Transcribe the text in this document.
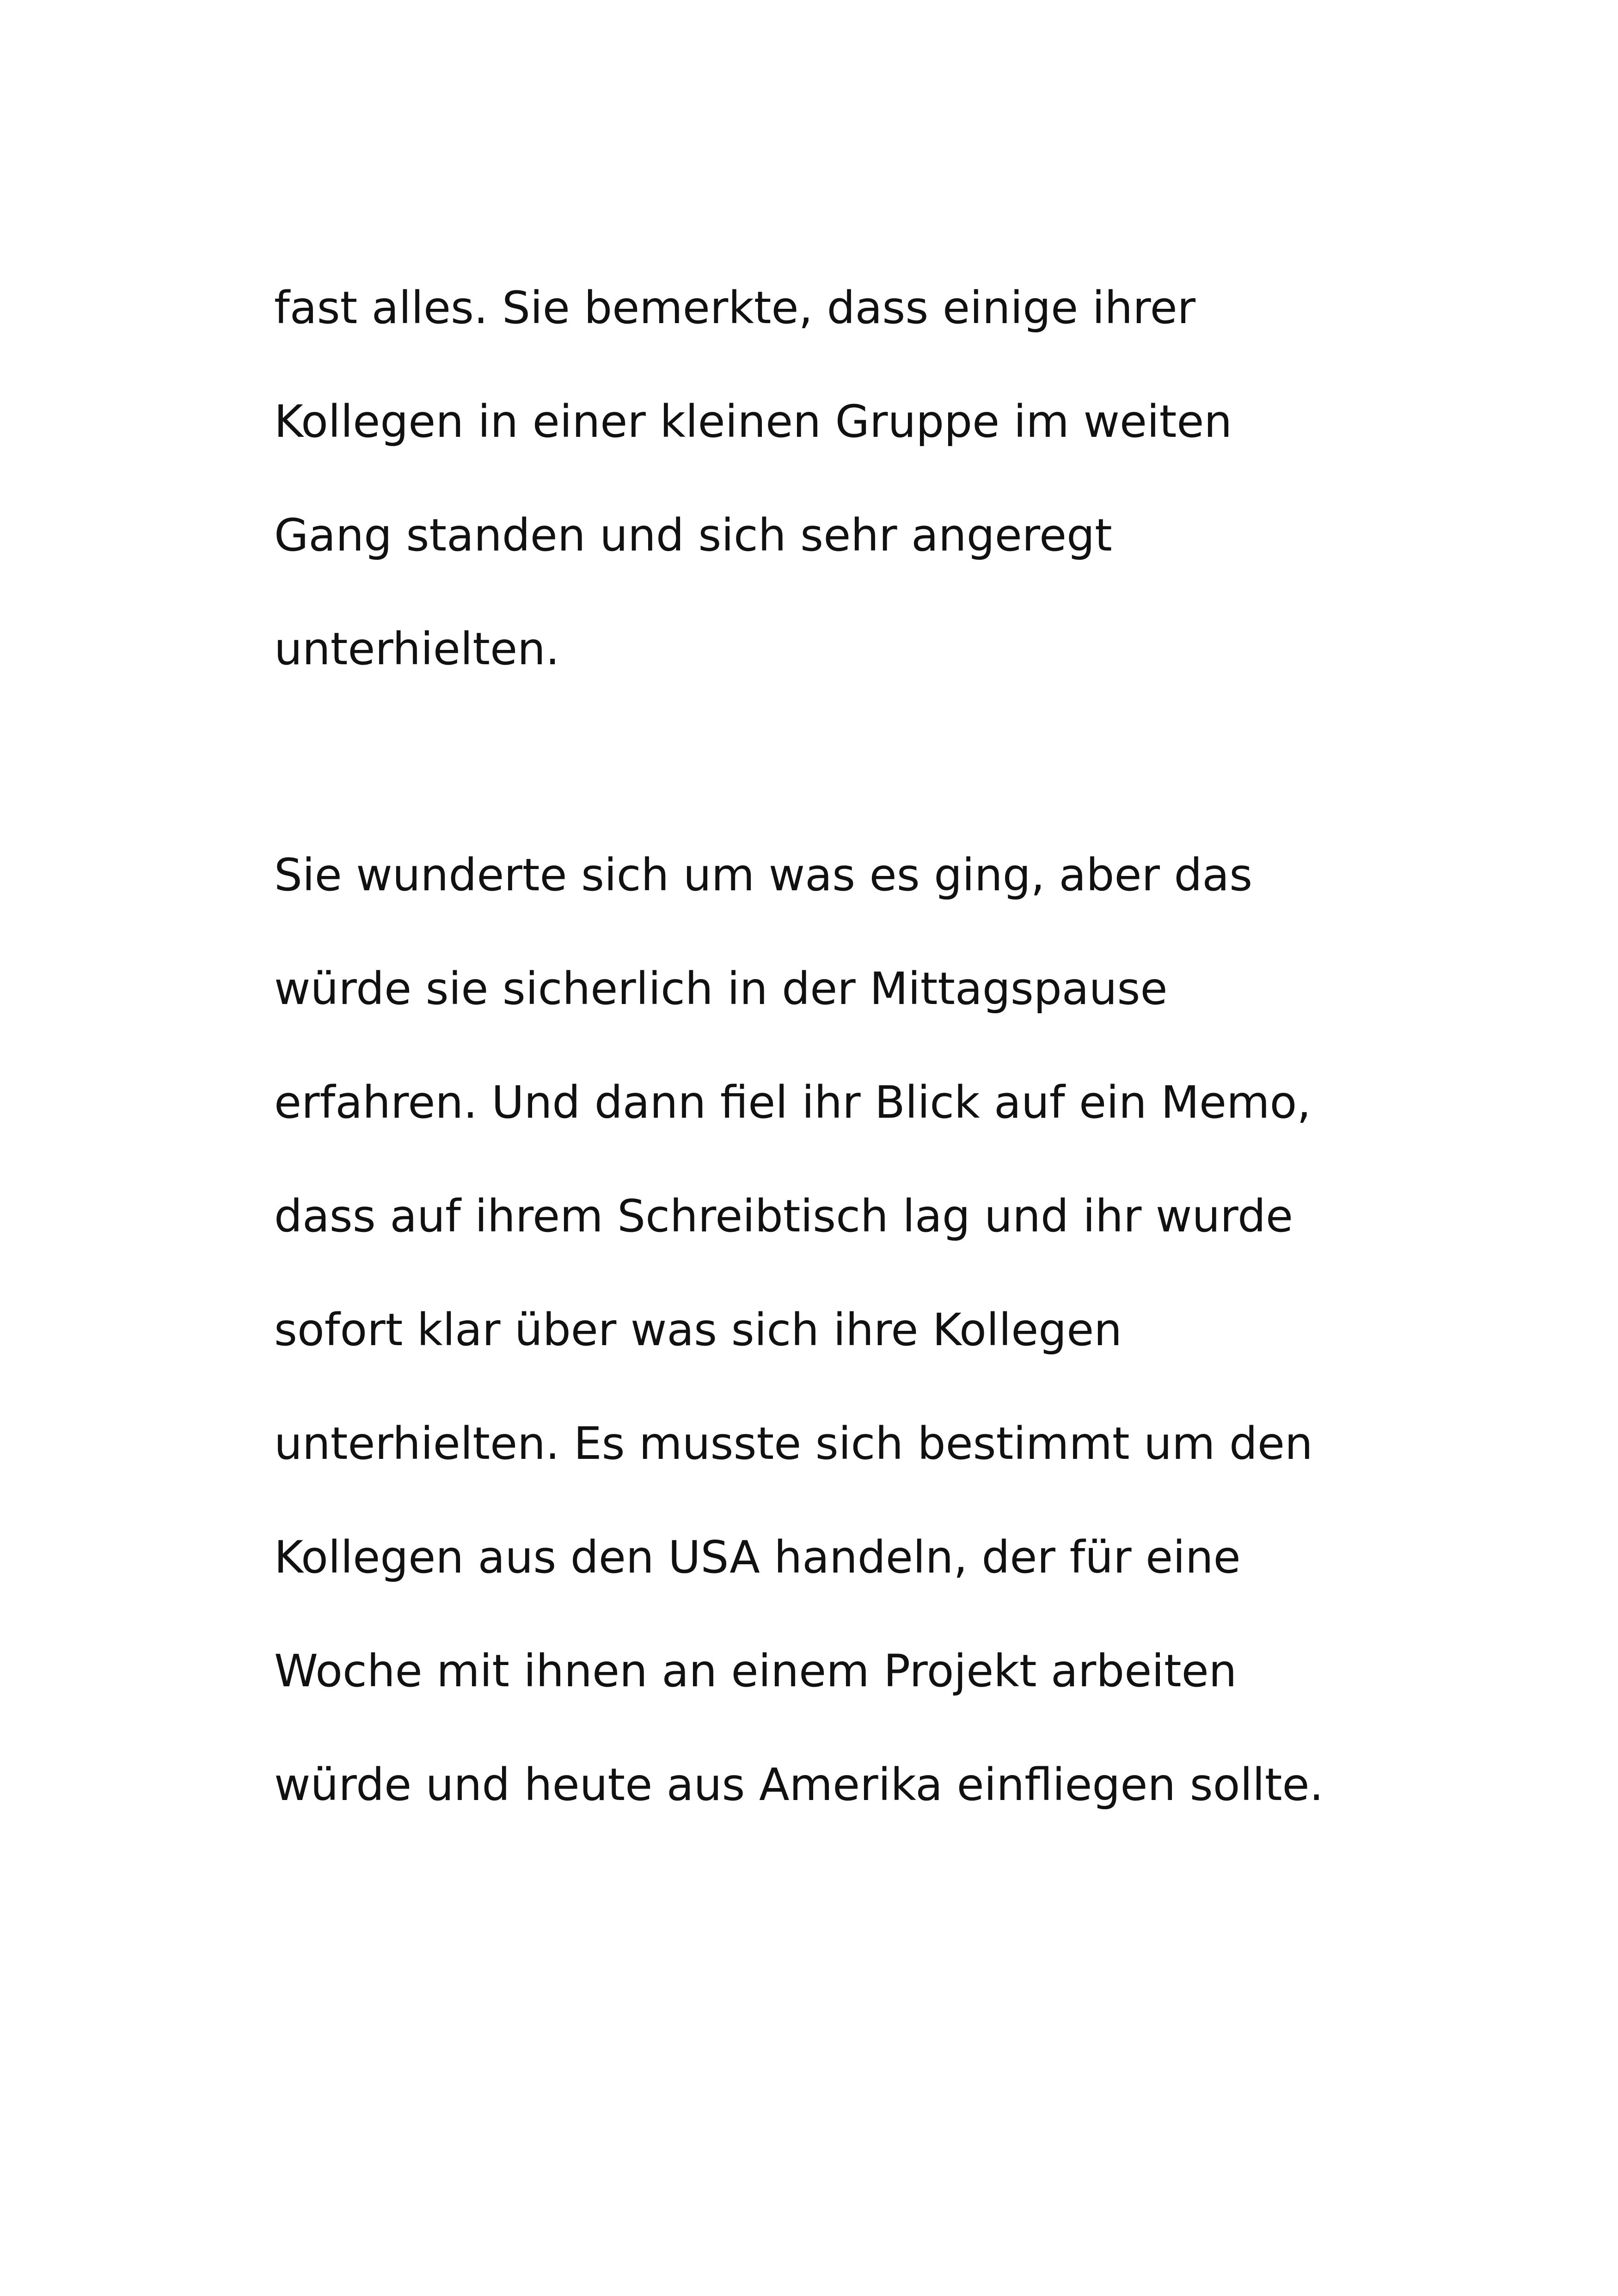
fast alles. Sie bemerkte, dass einige ihrer
Kollegen in einer kleinen Gruppe im weiten
Gang standen und sich sehr angeregt
unterhielten.

Sie wunderte sich um was es ging, aber das
würde sie sicherlich in der Mittagspause
erfahren. Und dann fiel ihr Blick auf ein Memo,
dass auf ihrem Schreibtisch lag und ihr wurde
sofort klar über was sich ihre Kollegen
unterhielten. Es musste sich bestimmt um den
Kollegen aus den USA handeln, der für eine
Woche mit ihnen an einem Projekt arbeiten
würde und heute aus Amerika einfliegen sollte.
